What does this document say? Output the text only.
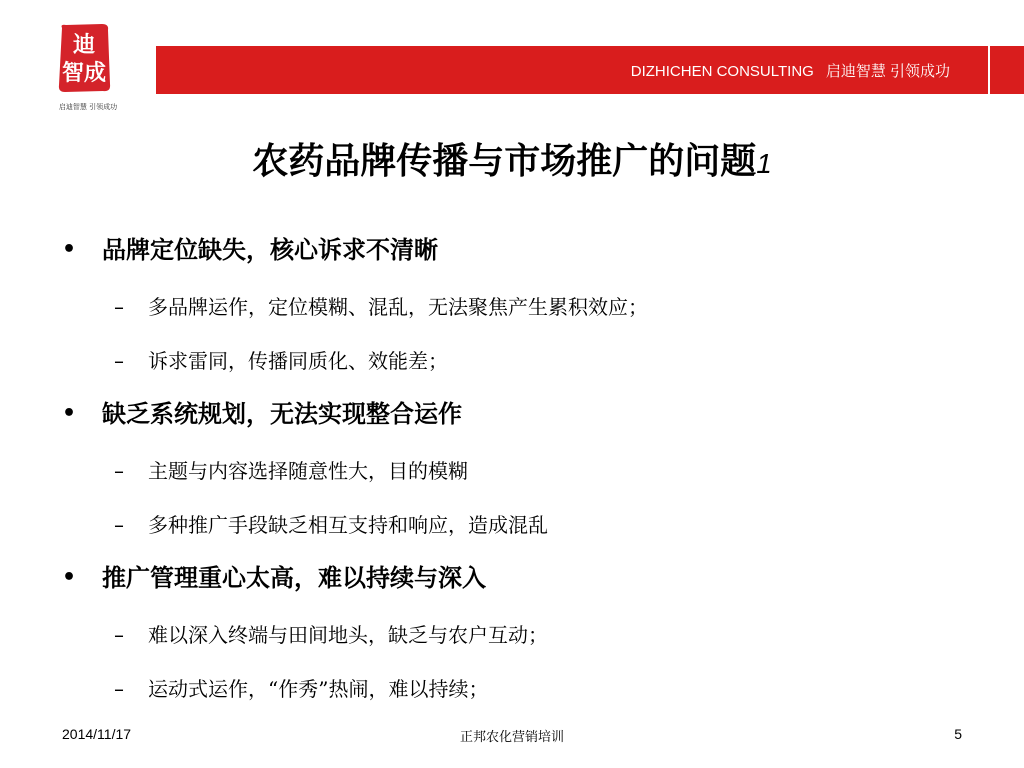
迪
智成
启迪智慧 引领成功
DIZHICHEN CONSULTING 启迪智慧 引领成功
农药品牌传播与市场推广的问题1
• 品牌定位缺失，核心诉求不清晰
– 多品牌运作，定位模糊、混乱，无法聚焦产生累积效应；
– 诉求雷同，传播同质化、效能差；
• 缺乏系统规划，无法实现整合运作
– 主题与内容选择随意性大，目的模糊
– 多种推广手段缺乏相互支持和响应，造成混乱
• 推广管理重心太高，难以持续与深入
– 难以深入终端与田间地头，缺乏与农户互动；
– 运动式运作，“作秀”热闹，难以持续；
2014/11/17	正邦农化营销培训	5
